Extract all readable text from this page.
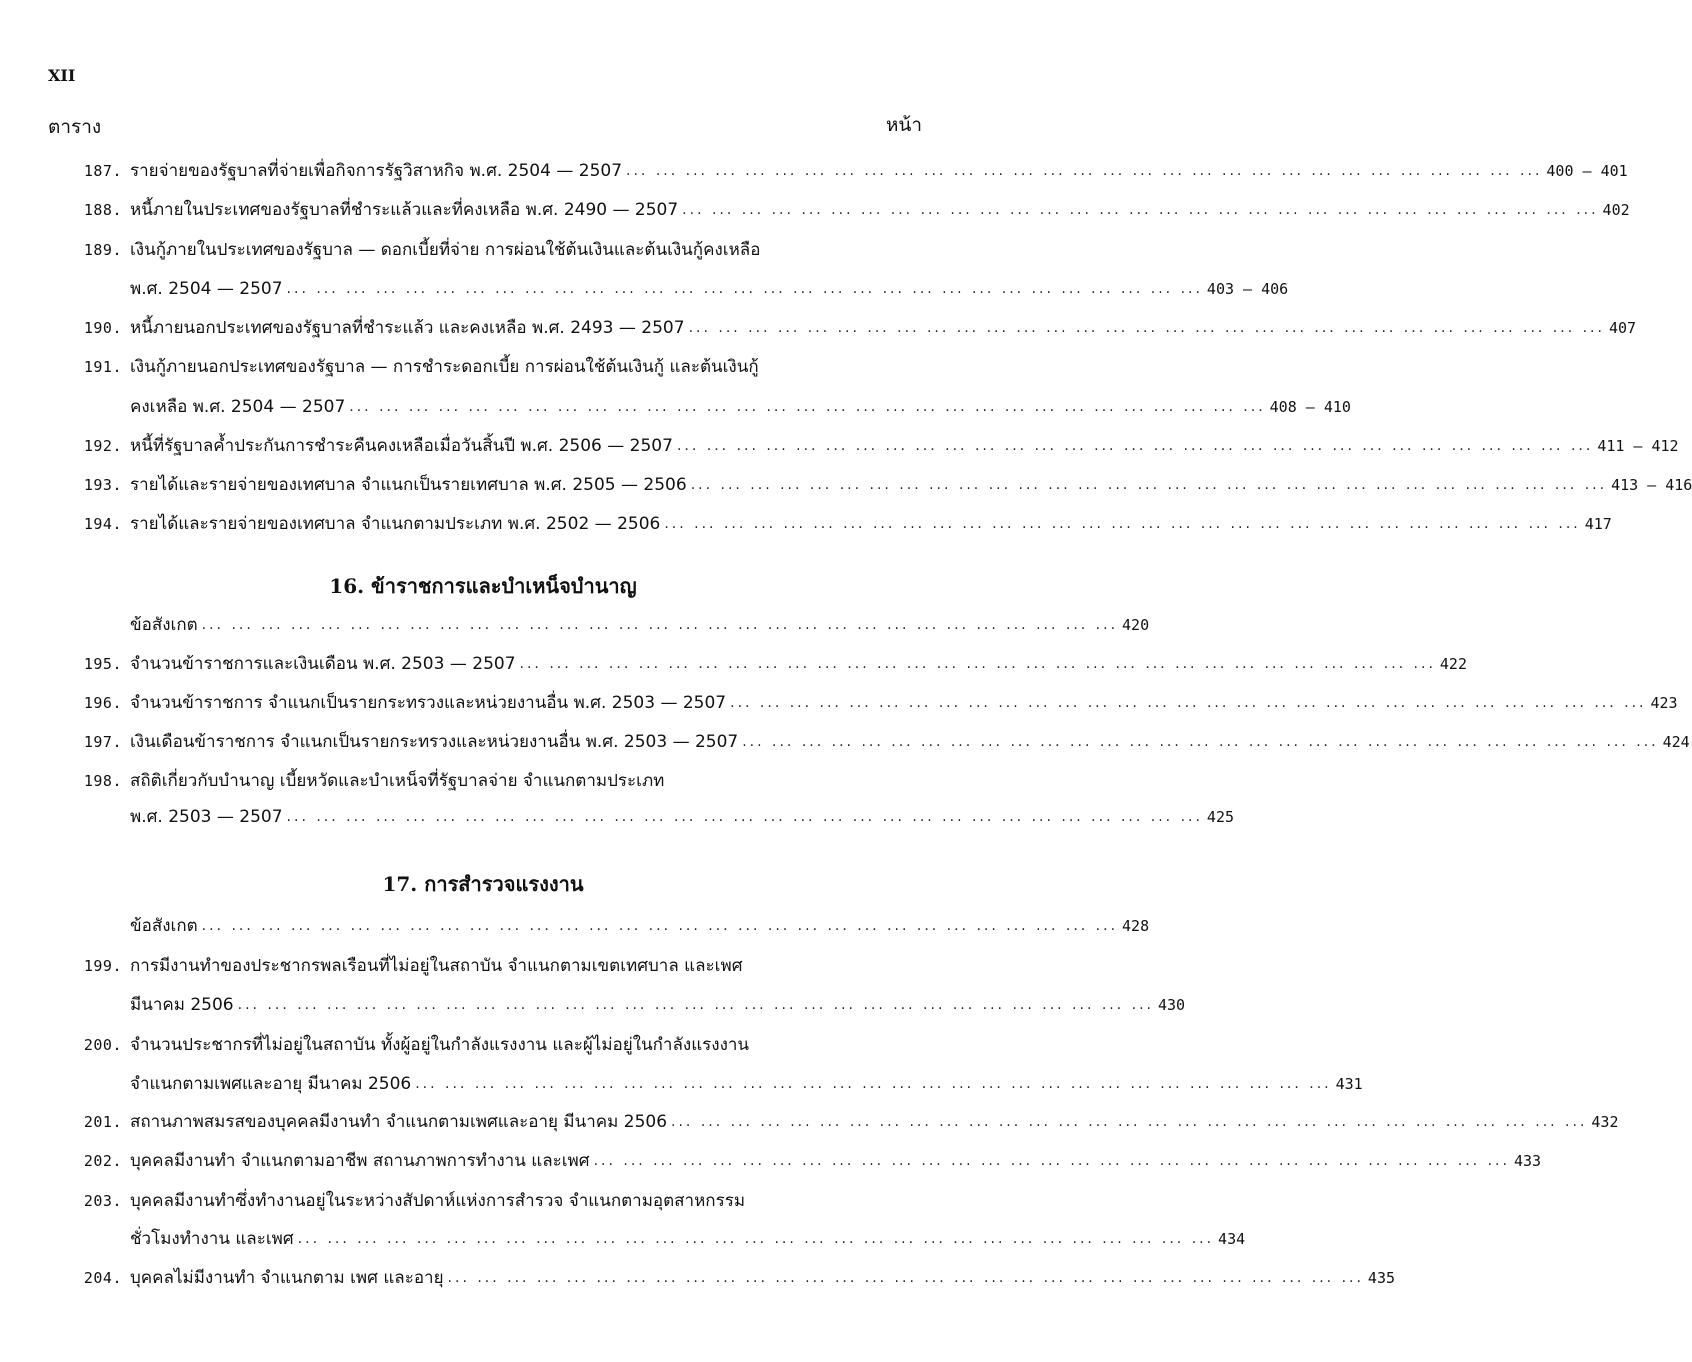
XII
ตาราง	หน้า
16. ข้าราชการและบำเหน็จบำนาญ
17. การสำรวจแรงงาน
187. รายจ่ายของรัฐบาลที่จ่ายเพื่อกิจการรัฐวิสาหกิจ พ.ศ. 2504 — 2507 ... ... ... ... ... ... ... ... ... ... ... ... ... ... ... ... ... ... ... ... ... ... ... ... ... ... ... ... ... ... ... 400 — 401
188. หนี้ภายในประเทศของรัฐบาลที่ชำระแล้วและที่คงเหลือ พ.ศ. 2490 — 2507 ... ... ... ... ... ... ... ... ... ... ... ... ... ... ... ... ... ... ... ... ... ... ... ... ... ... ... ... ... ... ... 402
189. เงินกู้ภายในประเทศของรัฐบาล — ดอกเบี้ยที่จ่าย การผ่อนใช้ต้นเงินและต้นเงินกู้คงเหลือ
พ.ศ. 2504 — 2507 ... ... ... ... ... ... ... ... ... ... ... ... ... ... ... ... ... ... ... ... ... ... ... ... ... ... ... ... ... ... ... 403 — 406
190. หนี้ภายนอกประเทศของรัฐบาลที่ชำระแล้ว และคงเหลือ พ.ศ. 2493 — 2507 ... ... ... ... ... ... ... ... ... ... ... ... ... ... ... ... ... ... ... ... ... ... ... ... ... ... ... ... ... ... ... 407
191. เงินกู้ภายนอกประเทศของรัฐบาล — การชำระดอกเบี้ย การผ่อนใช้ต้นเงินกู้ และต้นเงินกู้
คงเหลือ พ.ศ. 2504 — 2507 ... ... ... ... ... ... ... ... ... ... ... ... ... ... ... ... ... ... ... ... ... ... ... ... ... ... ... ... ... ... ... 408 — 410
192. หนี้ที่รัฐบาลค้ำประกันการชำระคืนคงเหลือเมื่อวันสิ้นปี พ.ศ. 2506 — 2507 ... ... ... ... ... ... ... ... ... ... ... ... ... ... ... ... ... ... ... ... ... ... ... ... ... ... ... ... ... ... ... 411 — 412
193. รายได้และรายจ่ายของเทศบาล จำแนกเป็นรายเทศบาล พ.ศ. 2505 — 2506 ... ... ... ... ... ... ... ... ... ... ... ... ... ... ... ... ... ... ... ... ... ... ... ... ... ... ... ... ... ... ... 413 — 416
194. รายได้และรายจ่ายของเทศบาล จำแนกตามประเภท พ.ศ. 2502 — 2506 ... ... ... ... ... ... ... ... ... ... ... ... ... ... ... ... ... ... ... ... ... ... ... ... ... ... ... ... ... ... ... 417
ข้อสังเกต ... ... ... ... ... ... ... ... ... ... ... ... ... ... ... ... ... ... ... ... ... ... ... ... ... ... ... ... ... ... ... 420
195. จำนวนข้าราชการและเงินเดือน พ.ศ. 2503 — 2507 ... ... ... ... ... ... ... ... ... ... ... ... ... ... ... ... ... ... ... ... ... ... ... ... ... ... ... ... ... ... ... 422
196. จำนวนข้าราชการ จำแนกเป็นรายกระทรวงและหน่วยงานอื่น พ.ศ. 2503 — 2507 ... ... ... ... ... ... ... ... ... ... ... ... ... ... ... ... ... ... ... ... ... ... ... ... ... ... ... ... ... ... ... 423
197. เงินเดือนข้าราชการ จำแนกเป็นรายกระทรวงและหน่วยงานอื่น พ.ศ. 2503 — 2507 ... ... ... ... ... ... ... ... ... ... ... ... ... ... ... ... ... ... ... ... ... ... ... ... ... ... ... ... ... ... ... 424
198. สถิติเกี่ยวกับบำนาญ เบี้ยหวัดและบำเหน็จที่รัฐบาลจ่าย จำแนกตามประเภท
พ.ศ. 2503 — 2507 ... ... ... ... ... ... ... ... ... ... ... ... ... ... ... ... ... ... ... ... ... ... ... ... ... ... ... ... ... ... ... 425
ข้อสังเกต ... ... ... ... ... ... ... ... ... ... ... ... ... ... ... ... ... ... ... ... ... ... ... ... ... ... ... ... ... ... ... 428
199. การมีงานทำของประชากรพลเรือนที่ไม่อยู่ในสถาบัน จำแนกตามเขตเทศบาล และเพศ
มีนาคม 2506 ... ... ... ... ... ... ... ... ... ... ... ... ... ... ... ... ... ... ... ... ... ... ... ... ... ... ... ... ... ... ... 430
200. จำนวนประชากรที่ไม่อยู่ในสถาบัน ทั้งผู้อยู่ในกำลังแรงงาน และผู้ไม่อยู่ในกำลังแรงงาน
จำแนกตามเพศและอายุ มีนาคม 2506 ... ... ... ... ... ... ... ... ... ... ... ... ... ... ... ... ... ... ... ... ... ... ... ... ... ... ... ... ... ... ... 431
201. สถานภาพสมรสของบุคคลมีงานทำ จำแนกตามเพศและอายุ มีนาคม 2506 ... ... ... ... ... ... ... ... ... ... ... ... ... ... ... ... ... ... ... ... ... ... ... ... ... ... ... ... ... ... ... 432
202. บุคคลมีงานทำ จำแนกตามอาชีพ สถานภาพการทำงาน และเพศ ... ... ... ... ... ... ... ... ... ... ... ... ... ... ... ... ... ... ... ... ... ... ... ... ... ... ... ... ... ... ... 433
203. บุคคลมีงานทำซึ่งทำงานอยู่ในระหว่างสัปดาห์แห่งการสำรวจ จำแนกตามอุตสาหกรรม
ชั่วโมงทำงาน และเพศ ... ... ... ... ... ... ... ... ... ... ... ... ... ... ... ... ... ... ... ... ... ... ... ... ... ... ... ... ... ... ... 434
204. บุคคลไม่มีงานทำ จำแนกตาม เพศ และอายุ ... ... ... ... ... ... ... ... ... ... ... ... ... ... ... ... ... ... ... ... ... ... ... ... ... ... ... ... ... ... ... 435
